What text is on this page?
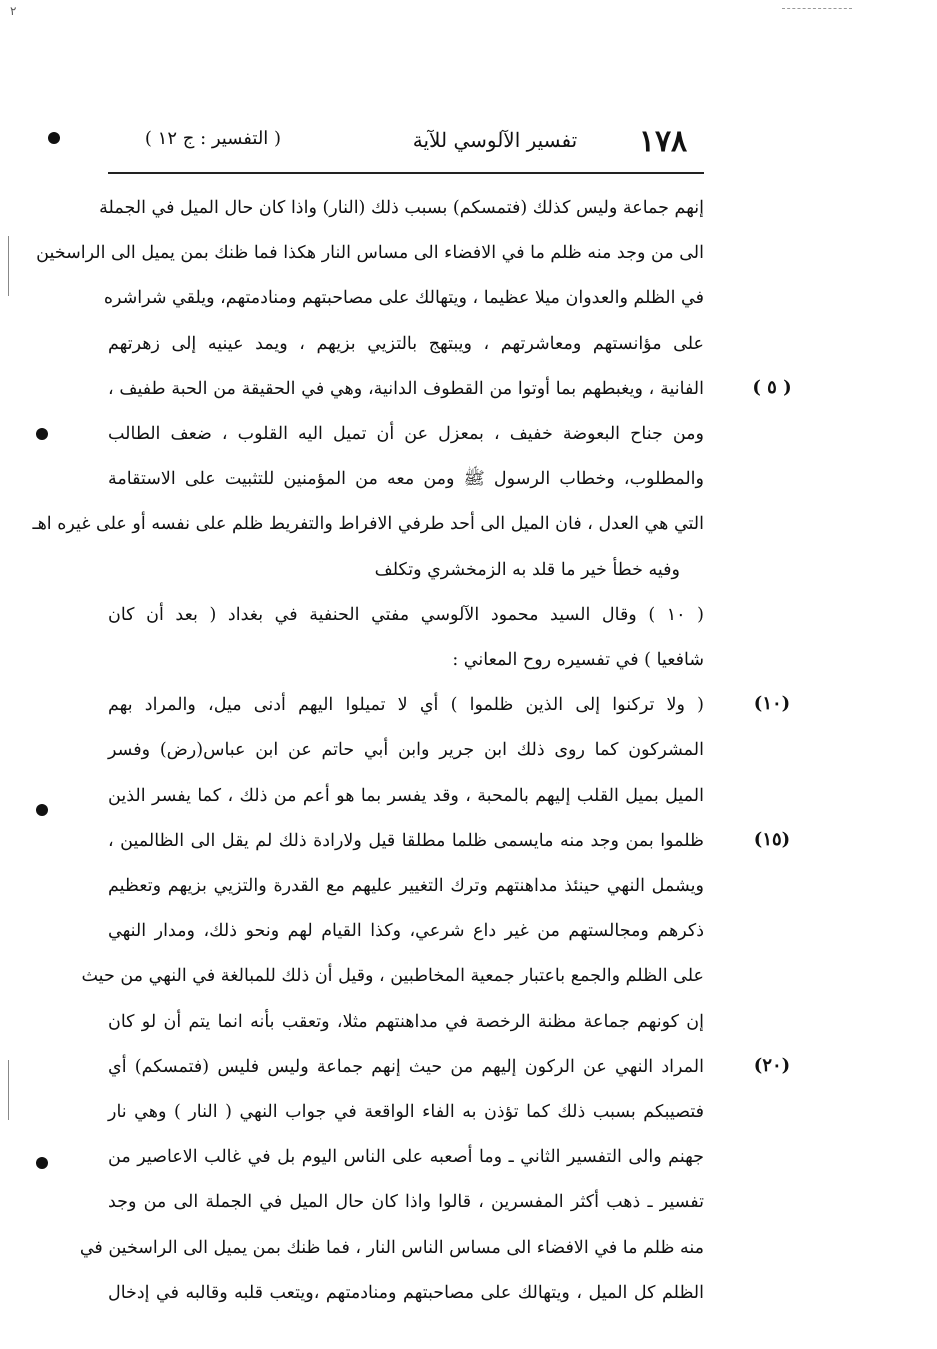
٢
١٧٨
تفسير الآلوسي للآية
( التفسير : ج ١٢ )
( ٥ )
(١٠)
(١٥)
(٢٠)
إنهم جماعة وليس كذلك (فتمسكم) بسبب ذلك (النار) واذا كان حال الميل في الجملة
الى من وجد منه ظلم ما في الافضاء الى مساس النار هكذا فما ظنك بمن يميل الى الراسخين
في الظلم والعدوان ميلا عظيما ، ويتهالك على مصاحبتهم ومنادمتهم، ويلقي شراشره
على مؤانستهم ومعاشرتهم ، ويبتهج بالتزيي بزيهم ، ويمد عينيه إلى زهرتهم
الفانية ، ويغبطهم بما أوتوا من القطوف الدانية، وهي في الحقيقة من الحبة طفيف ،
ومن جناح البعوضة خفيف ، بمعزل عن أن تميل اليه القلوب ، ضعف الطالب
والمطلوب، وخطاب الرسول ﷺ ومن معه من المؤمنين للتثبيت على الاستقامة
التي هي العدل ، فان الميل الى أحد طرفي الافراط والتفريط ظلم على نفسه أو على غيره اهـ
وفيه خطأ خير ما قلد به الزمخشري وتكلف
( ١٠ ) وقال السيد محمود الآلوسي مفتي الحنفية في بغداد ( بعد أن كان
شافعيا ) في تفسيره روح المعاني :
( ولا تركنوا إلى الذين ظلموا ) أي لا تميلوا اليهم أدنى ميل، والمراد بهم
المشركون كما روى ذلك ابن جرير وابن أبي حاتم عن ابن عباس(رض) وفسر
الميل بميل القلب إليهم بالمحبة ، وقد يفسر بما هو أعم من ذلك ، كما يفسر الذين
ظلموا بمن وجد منه مايسمى ظلما مطلقا قيل ولارادة ذلك لم يقل الى الظالمين ،
ويشمل النهي حينئذ مداهنتهم وترك التغيير عليهم مع القدرة والتزيي بزيهم وتعظيم
ذكرهم ومجالستهم من غير داع شرعي، وكذا القيام لهم ونحو ذلك، ومدار النهي
على الظلم والجمع باعتبار جمعية المخاطبين ، وقيل أن ذلك للمبالغة في النهي من حيث
إن كونهم جماعة مظنة الرخصة في مداهنتهم مثلا، وتعقب بأنه انما يتم أن لو كان
المراد النهي عن الركون إليهم من حيث إنهم جماعة وليس فليس (فتمسكم) أي
فتصيبكم بسبب ذلك كما تؤذن به الفاء الواقعة في جواب النهي ( النار ) وهي نار
جهنم والى التفسير الثاني ـ وما أصعبه على الناس اليوم بل في غالب الاعاصير من
تفسير ـ ذهب أكثر المفسرين ، قالوا واذا كان حال الميل في الجملة الى من وجد
منه ظلم ما في الافضاء الى مساس الناس النار ، فما ظنك بمن يميل الى الراسخين في
الظلم كل الميل ، ويتهالك على مصاحبتهم ومنادمتهم ،ويتعب قلبه وقالبه في إدخال
